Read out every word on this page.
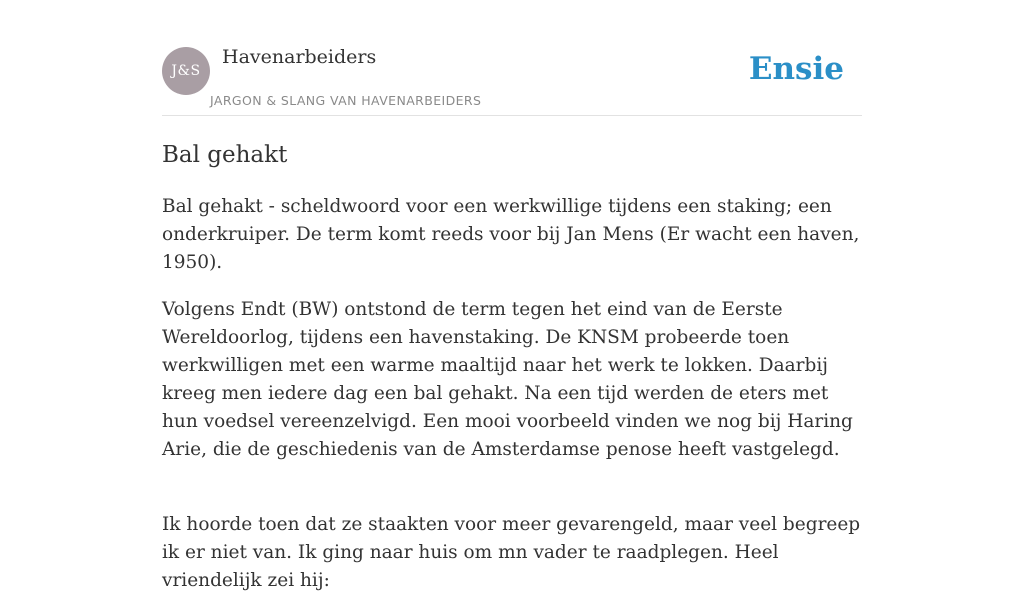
J&S
Havenarbeiders
JARGON & SLANG VAN HAVENARBEIDERS
Ensie
Bal gehakt

Bal gehakt - scheldwoord voor een werkwillige tijdens een staking; een onderkruiper. De term komt reeds voor bij Jan Mens (Er wacht een haven, 1950).

Volgens Endt (BW) ontstond de term tegen het eind van de Eerste Wereldoorlog, tijdens een havenstaking. De KNSM probeerde toen werkwilligen met een warme maaltijd naar het werk te lokken. Daarbij kreeg men iedere dag een bal gehakt. Na een tijd werden de eters met hun voedsel vereenzelvigd. Een mooi voorbeeld vinden we nog bij Haring Arie, die de geschiedenis van de Amsterdamse penose heeft vastgelegd.

Ik hoorde toen dat ze staakten voor meer gevarengeld, maar veel begreep ik er niet van. Ik ging naar huis om mn vader te raadplegen. Heel vriendelijk zei hij:
